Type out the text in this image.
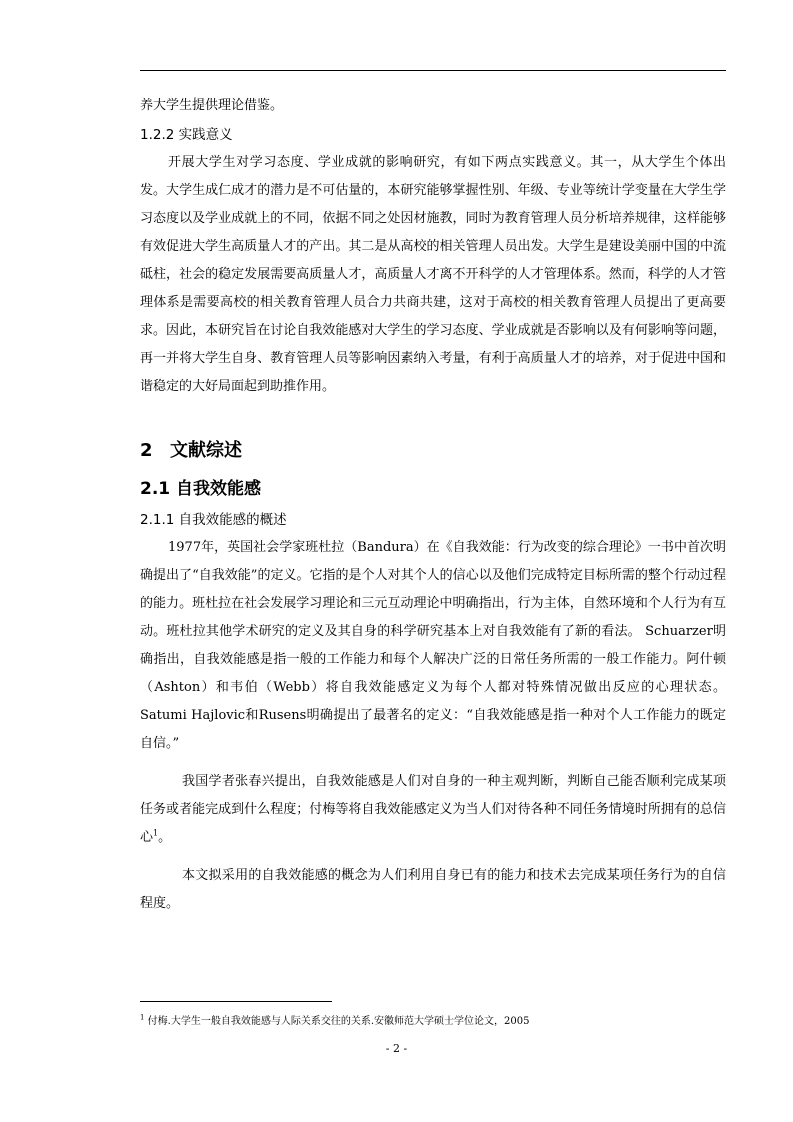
养大学生提供理论借鉴。

1.2.2 实践意义

开展大学生对学习态度、学业成就的影响研究，有如下两点实践意义。其一，从大学生个体出发。大学生成仁成才的潜力是不可估量的，本研究能够掌握性别、年级、专业等统计学变量在大学生学习态度以及学业成就上的不同，依据不同之处因材施教，同时为教育管理人员分析培养规律，这样能够有效促进大学生高质量人才的产出。其二是从高校的相关管理人员出发。大学生是建设美丽中国的中流砥柱，社会的稳定发展需要高质量人才，高质量人才离不开科学的人才管理体系。然而，科学的人才管理体系是需要高校的相关教育管理人员合力共商共建，这对于高校的相关教育管理人员提出了更高要求。因此，本研究旨在讨论自我效能感对大学生的学习态度、学业成就是否影响以及有何影响等问题，再一并将大学生自身、教育管理人员等影响因素纳入考量，有利于高质量人才的培养，对于促进中国和谐稳定的大好局面起到助推作用。

2 文献综述
2.1 自我效能感
2.1.1 自我效能感的概述

1977年，英国社会学家班杜拉（Bandura）在《自我效能：行为改变的综合理论》一书中首次明确提出了“自我效能”的定义。它指的是个人对其个人的信心以及他们完成特定目标所需的整个行动过程的能力。班杜拉在社会发展学习理论和三元互动理论中明确指出，行为主体，自然环境和个人行为有互动。班杜拉其他学术研究的定义及其自身的科学研究基本上对自我效能有了新的看法。 Schuarzer明确指出，自我效能感是指一般的工作能力和每个人解决广泛的日常任务所需的一般工作能力。阿什顿（Ashton）和韦伯（Webb）将自我效能感定义为每个人都对特殊情况做出反应的心理状态。 Satumi Hajlovic和Rusens明确提出了最著名的定义：“自我效能感是指一种对个人工作能力的既定自信。”

我国学者张春兴提出，自我效能感是人们对自身的一种主观判断，判断自己能否顺利完成某项任务或者能完成到什么程度；付梅等将自我效能感定义为当人们对待各种不同任务情境时所拥有的总信心$^1$。

本文拟采用的自我效能感的概念为人们利用自身已有的能力和技术去完成某项任务行为的自信程度。

$^1$ 付梅.大学生一般自我效能感与人际关系交往的关系.安徽师范大学硕士学位论文，2005
- 2 -
